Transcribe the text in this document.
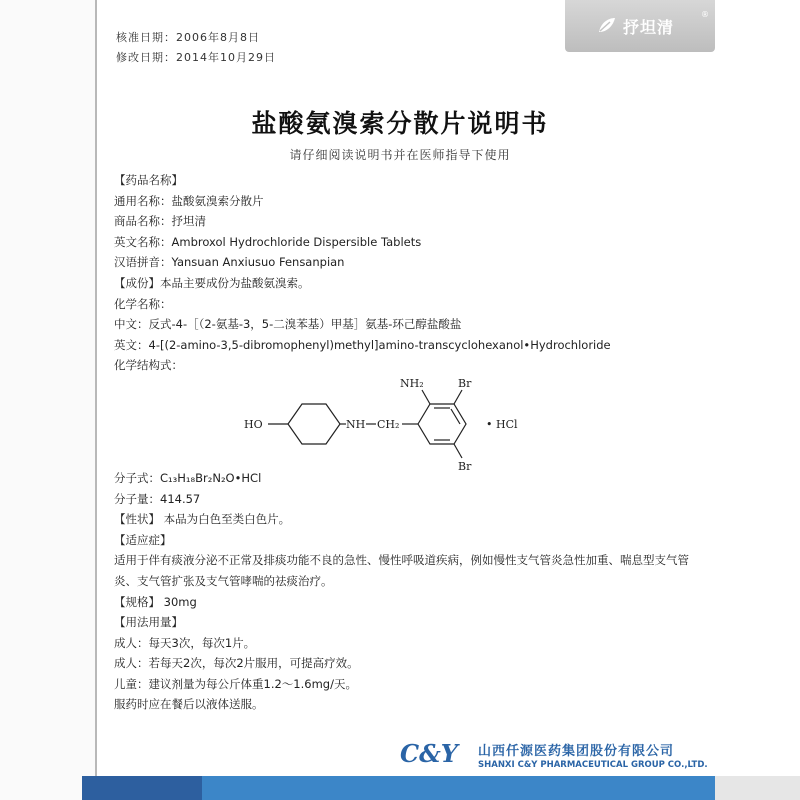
核准日期：2006年8月8日
修改日期：2014年10月29日
抒坦清
®
盐酸氨溴索分散片说明书
请仔细阅读说明书并在医师指导下使用
【药品名称】
通用名称：盐酸氨溴索分散片
商品名称：抒坦清
英文名称：Ambroxol Hydrochloride Dispersible Tablets
汉语拼音：Yansuan Anxiusuo Fensanpian
【成份】本品主要成份为盐酸氨溴索。
化学名称：
中文：反式-4-［（2-氨基-3，5-二溴苯基）甲基］氨基-环己醇盐酸盐
英文：4-[(2-amino-3,5-dibromophenyl)methyl]amino-transcyclohexanol•Hydrochloride
化学结构式：
分子式：C₁₃H₁₈Br₂N₂O•HCl
分子量：414.57
【性状】 本品为白色至类白色片。
【适应症】
适用于伴有痰液分泌不正常及排痰功能不良的急性、慢性呼吸道疾病，例如慢性支气管炎急性加重、喘息型支气管炎、支气管扩张及支气管哮喘的祛痰治疗。
【规格】 30mg
【用法用量】
成人：每天3次，每次1片。
成人：若每天2次，每次2片服用，可提高疗效。
儿童：建议剂量为每公斤体重1.2～1.6mg/天。
服药时应在餐后以液体送服。
HO	NH CH₂
NH₂	Br
Br
• HCl
C&Y 山西仟源医药集团股份有限公司
SHANXI C&Y PHARMACEUTICAL GROUP CO.,LTD.
